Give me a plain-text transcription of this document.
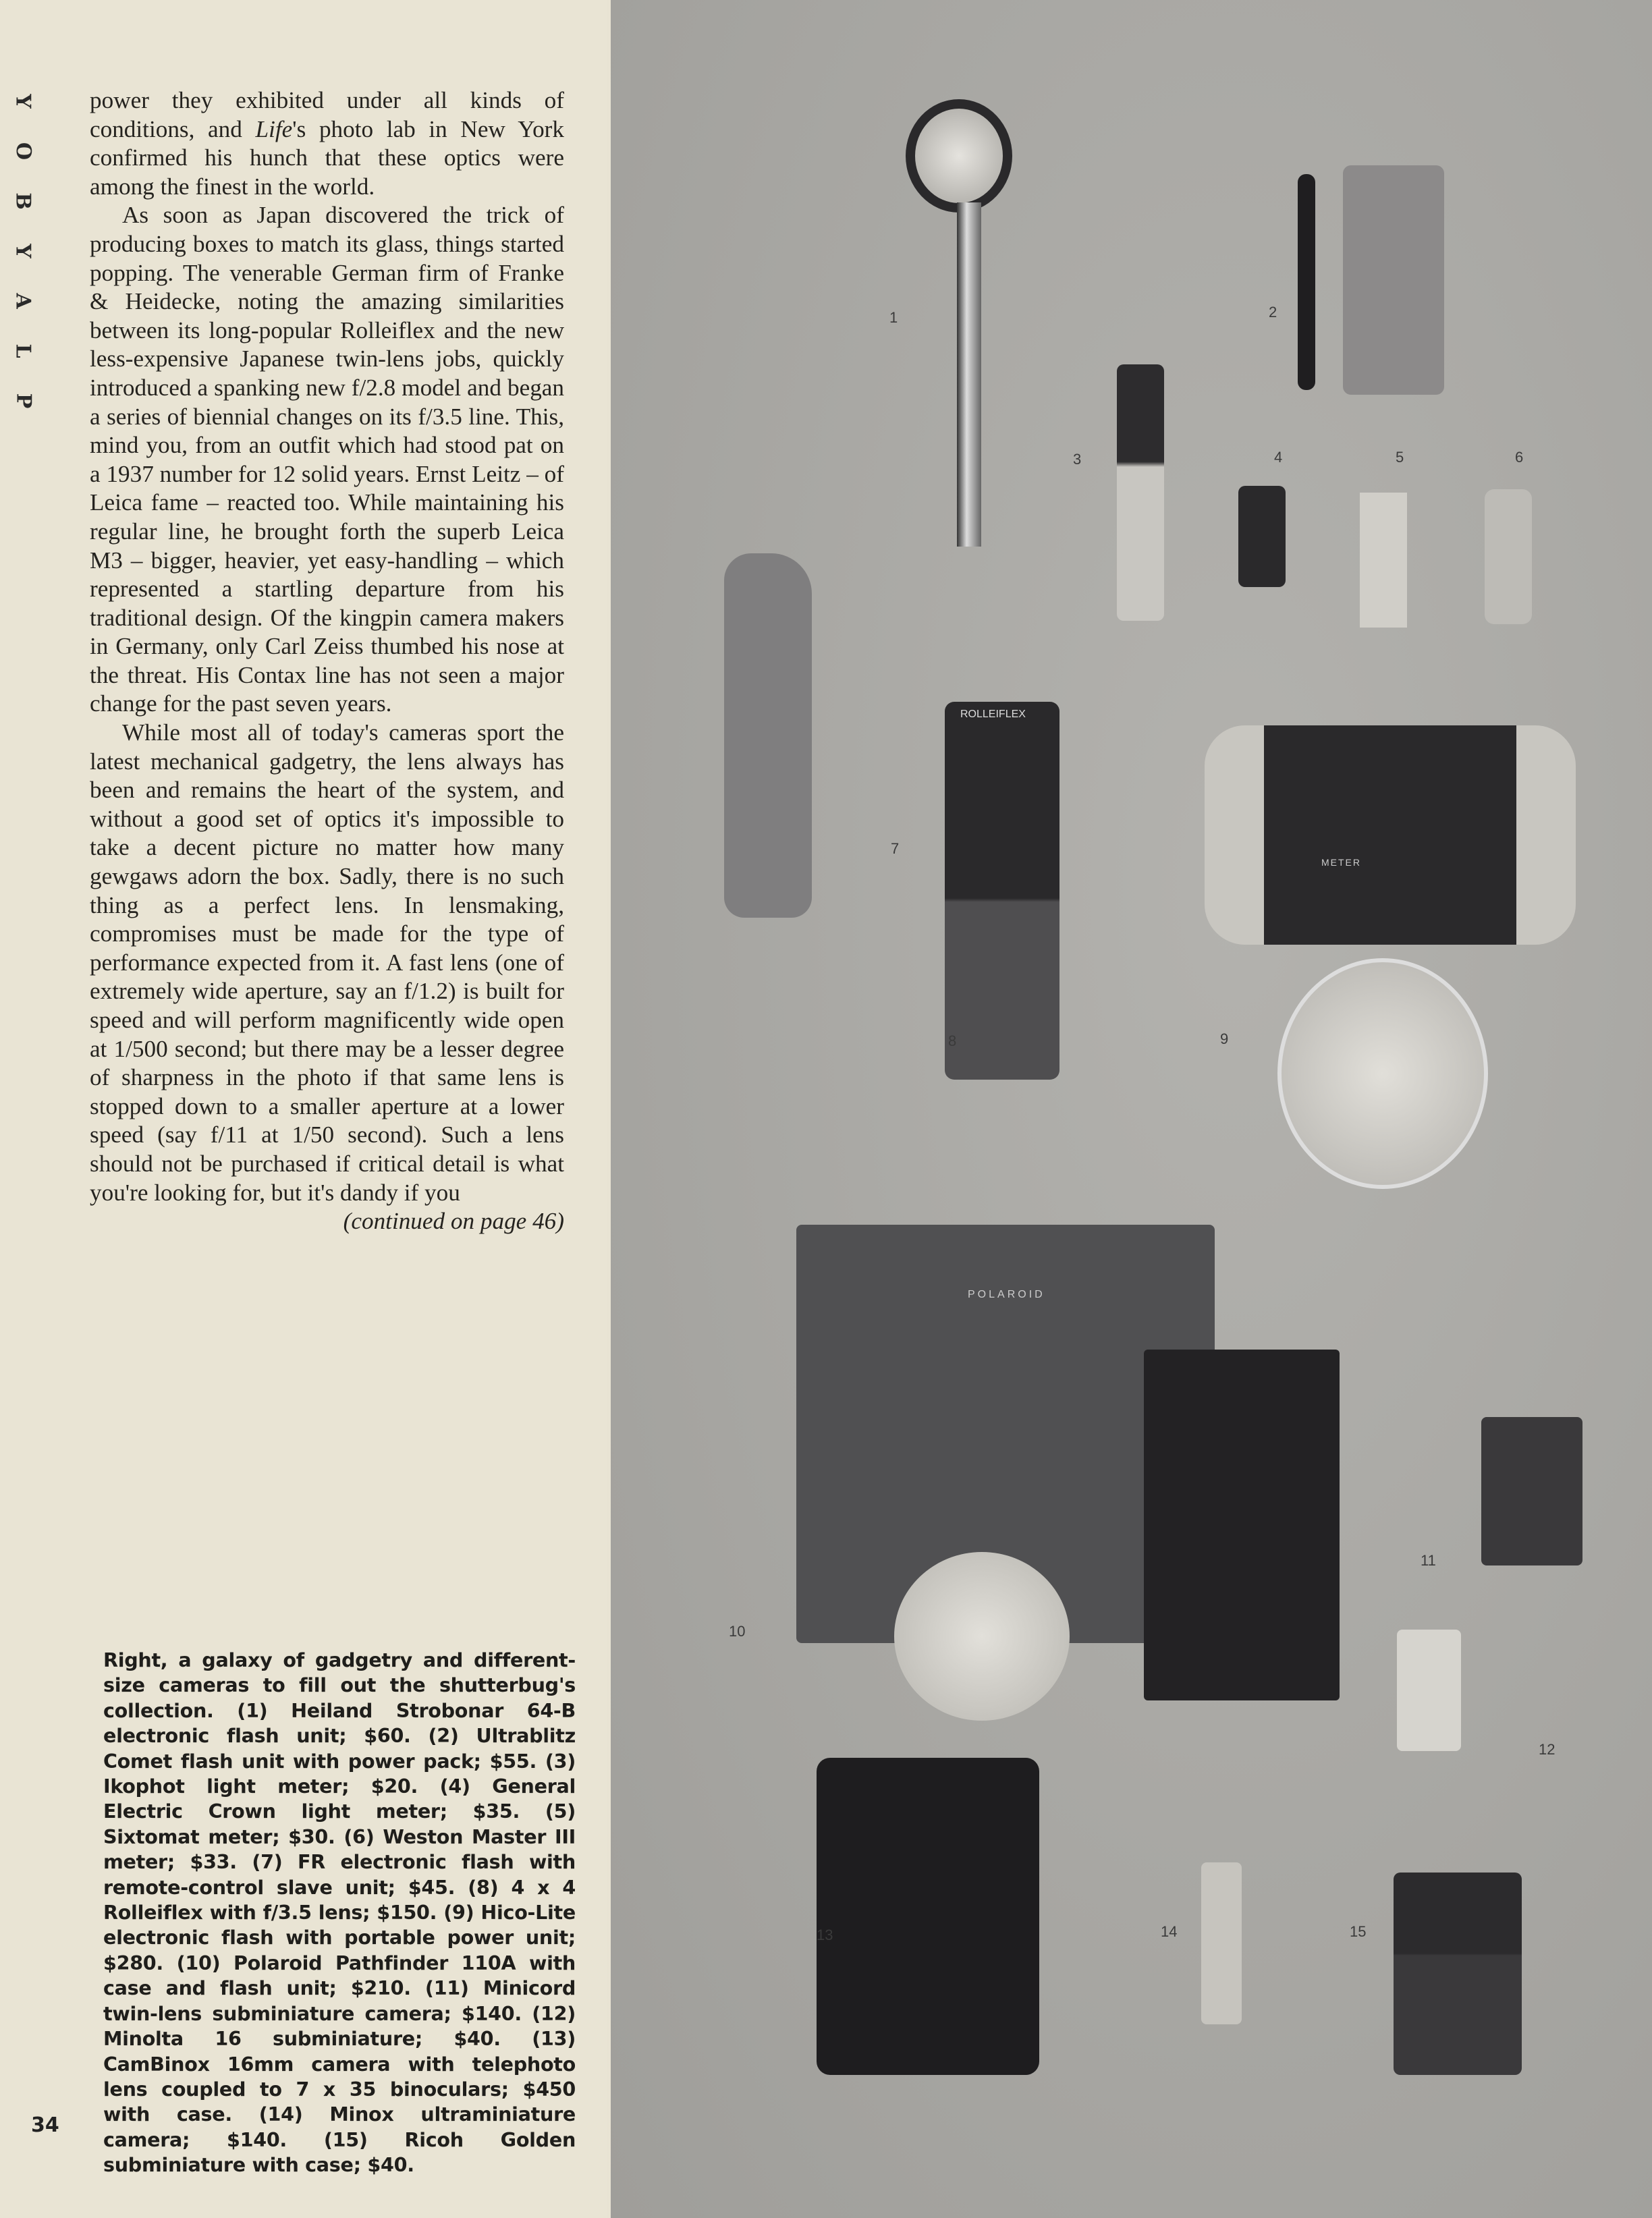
P
L
A
Y
B
O
Y power they exhibited under all kinds of conditions, and Life's photo lab in New York confirmed his hunch that these optics were among the finest in the world.

As soon as Japan discovered the trick of producing boxes to match its glass, things started popping. The venerable German firm of Franke & Heidecke, noting the amazing similarities between its long-popular Rolleiflex and the new less-expensive Japanese twin-lens jobs, quickly introduced a spanking new f/2.8 model and began a series of biennial changes on its f/3.5 line. This, mind you, from an outfit which had stood pat on a 1937 number for 12 solid years. Ernst Leitz – of Leica fame – reacted too. While maintaining his regular line, he brought forth the superb Leica M3 – bigger, heavier, yet easy-handling – which represented a startling departure from his traditional design. Of the kingpin camera makers in Germany, only Carl Zeiss thumbed his nose at the threat. His Contax line has not seen a major change for the past seven years.

While most all of today's cameras sport the latest mechanical gadgetry, the lens always has been and remains the heart of the system, and without a good set of optics it's impossible to take a decent picture no matter how many gewgaws adorn the box. Sadly, there is no such thing as a perfect lens. In lensmaking, compromises must be made for the type of performance expected from it. A fast lens (one of extremely wide aperture, say an f/1.2) is built for speed and will perform magnificently wide open at 1/500 second; but there may be a lesser degree of sharpness in the photo if that same lens is stopped down to a smaller aperture at a lower speed (say f/11 at 1/50 second). Such a lens should not be purchased if critical detail is what you're looking for, but it's dandy if you

(continued on page 46)

Right, a galaxy of gadgetry and different-size cameras to fill out the shutterbug's collection. (1) Heiland Strobonar 64-B electronic flash unit; $60. (2) Ultrablitz Comet flash unit with power pack; $55. (3) Ikophot light meter; $20. (4) General Electric Crown light meter; $35. (5) Sixtomat meter; $30. (6) Weston Master III meter; $33. (7) FR electronic flash with remote-control slave unit; $45. (8) 4 x 4 Rolleiflex with f/3.5 lens; $150. (9) Hico-Lite electronic flash with portable power unit; $280. (10) Polaroid Pathfinder 110A with case and flash unit; $210. (11) Minicord twin-lens subminiature camera; $140. (12) Minolta 16 subminiature; $40. (13) CamBinox 16mm camera with telephoto lens coupled to 7 x 35 binoculars; $450 with case. (14) Minox ultraminiature camera; $140. (15) Ricoh Golden subminiature with case; $40.
34
ROLLEIFLEX
METER
POLAROID
1	2
3	4	5	6
7
8	9
10
11
12
13	14	15
